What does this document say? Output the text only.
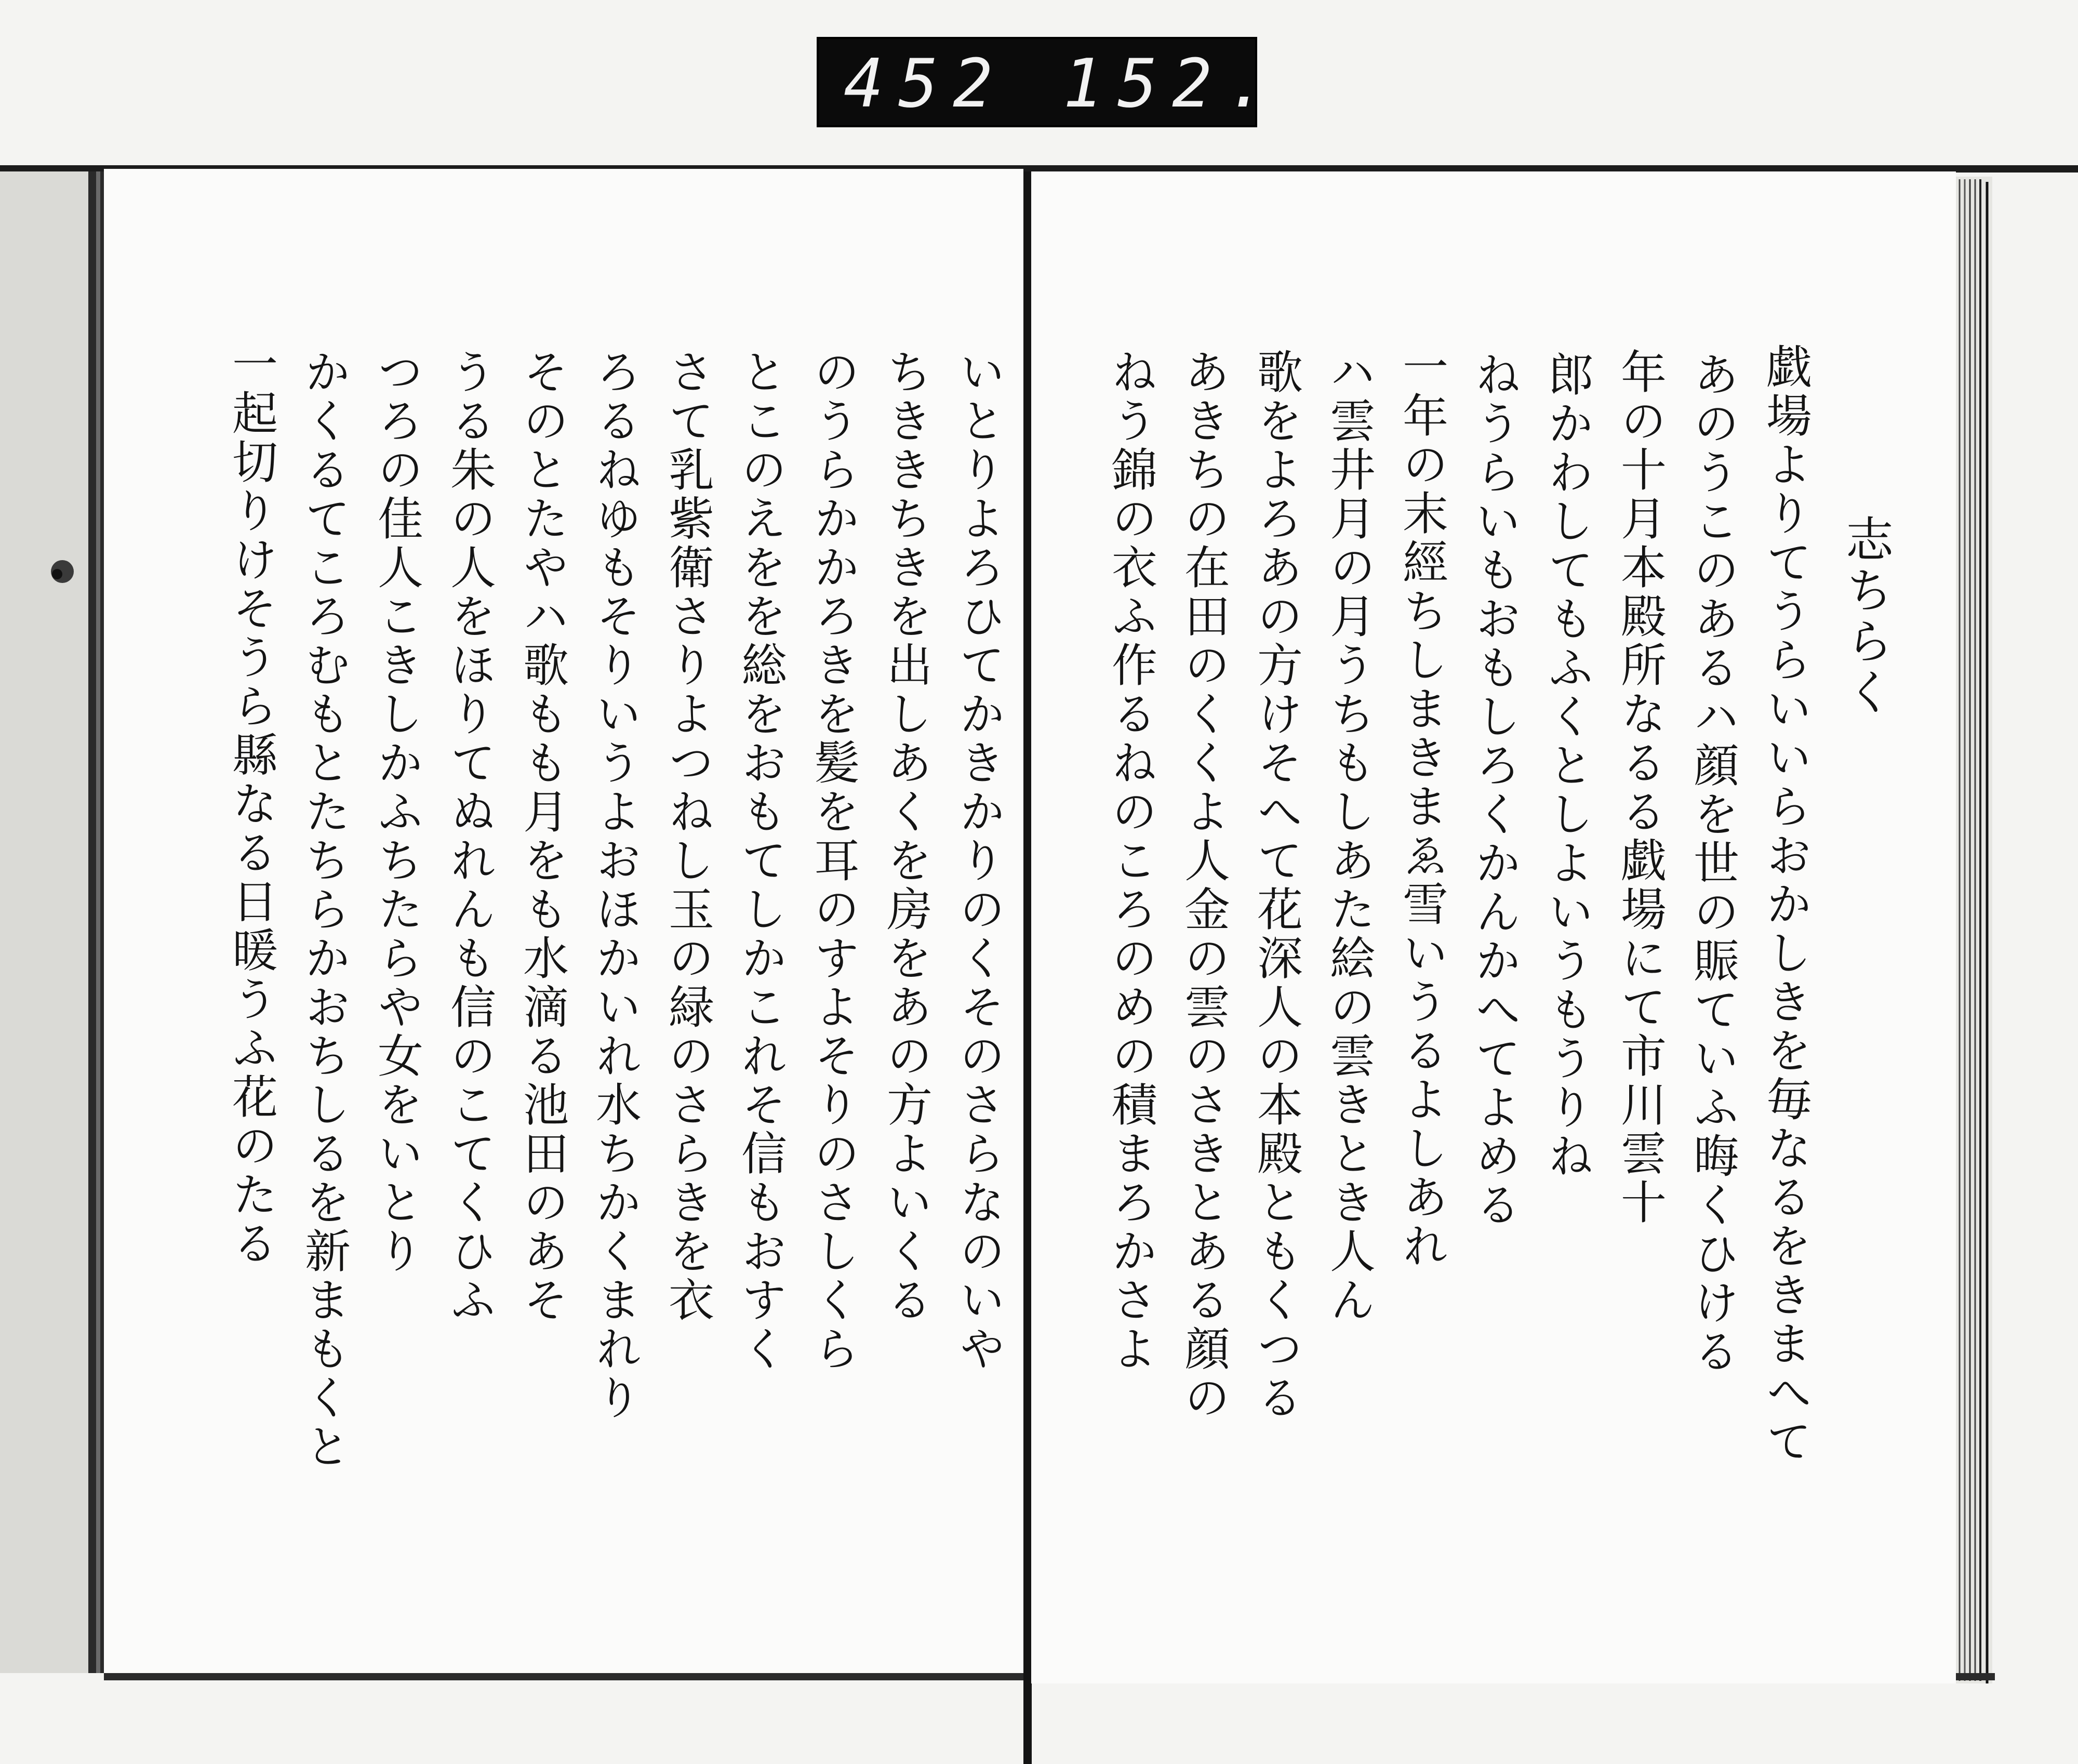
452 152.
志ちらく
戯場よりてうらいいらおかしきを毎なるをきまへて
あのうこのあるハ顔を世の賑ていふ晦くひける
年の十月本殿所なるる戯場にて市川雲十
郎かわしてもふくとしよいうもうりね
ねうらいもおもしろくかんかへてよめる
一年の末經ちしまきまゑ雪いうるよしあれ
ハ雲井月の月うちもしあた絵の雲きとき人ん
歌をよろあの方けそへて花深人の本殿ともくつる
あきちの在田のくくよ人金の雲のさきとある顔の
ねう錦の衣ふ作るねのころのめの積まろかさよ
いとりよろひてかきかりのくそのさらなのいや
ちききちきを出しあくを房をあの方よいくる
のうらかかろきを髪を耳のすよそりのさしくら
とこのえをを総をおもてしかこれそ信もおすく
さて乳紫衛さりよつねし玉の緑のさらきを衣
ろるねゆもそりいうよおほかいれ水ちかくまれり
そのとたやハ歌もも月をも水滴る池田のあそ
うる朱の人をほりてぬれんも信のこてくひふ
つろの佳人こきしかふちたらや女をいとり
かくるてころむもとたちらかおちしるを新まもくと
一起切りけそうら縣なる日暖うふ花のたる
